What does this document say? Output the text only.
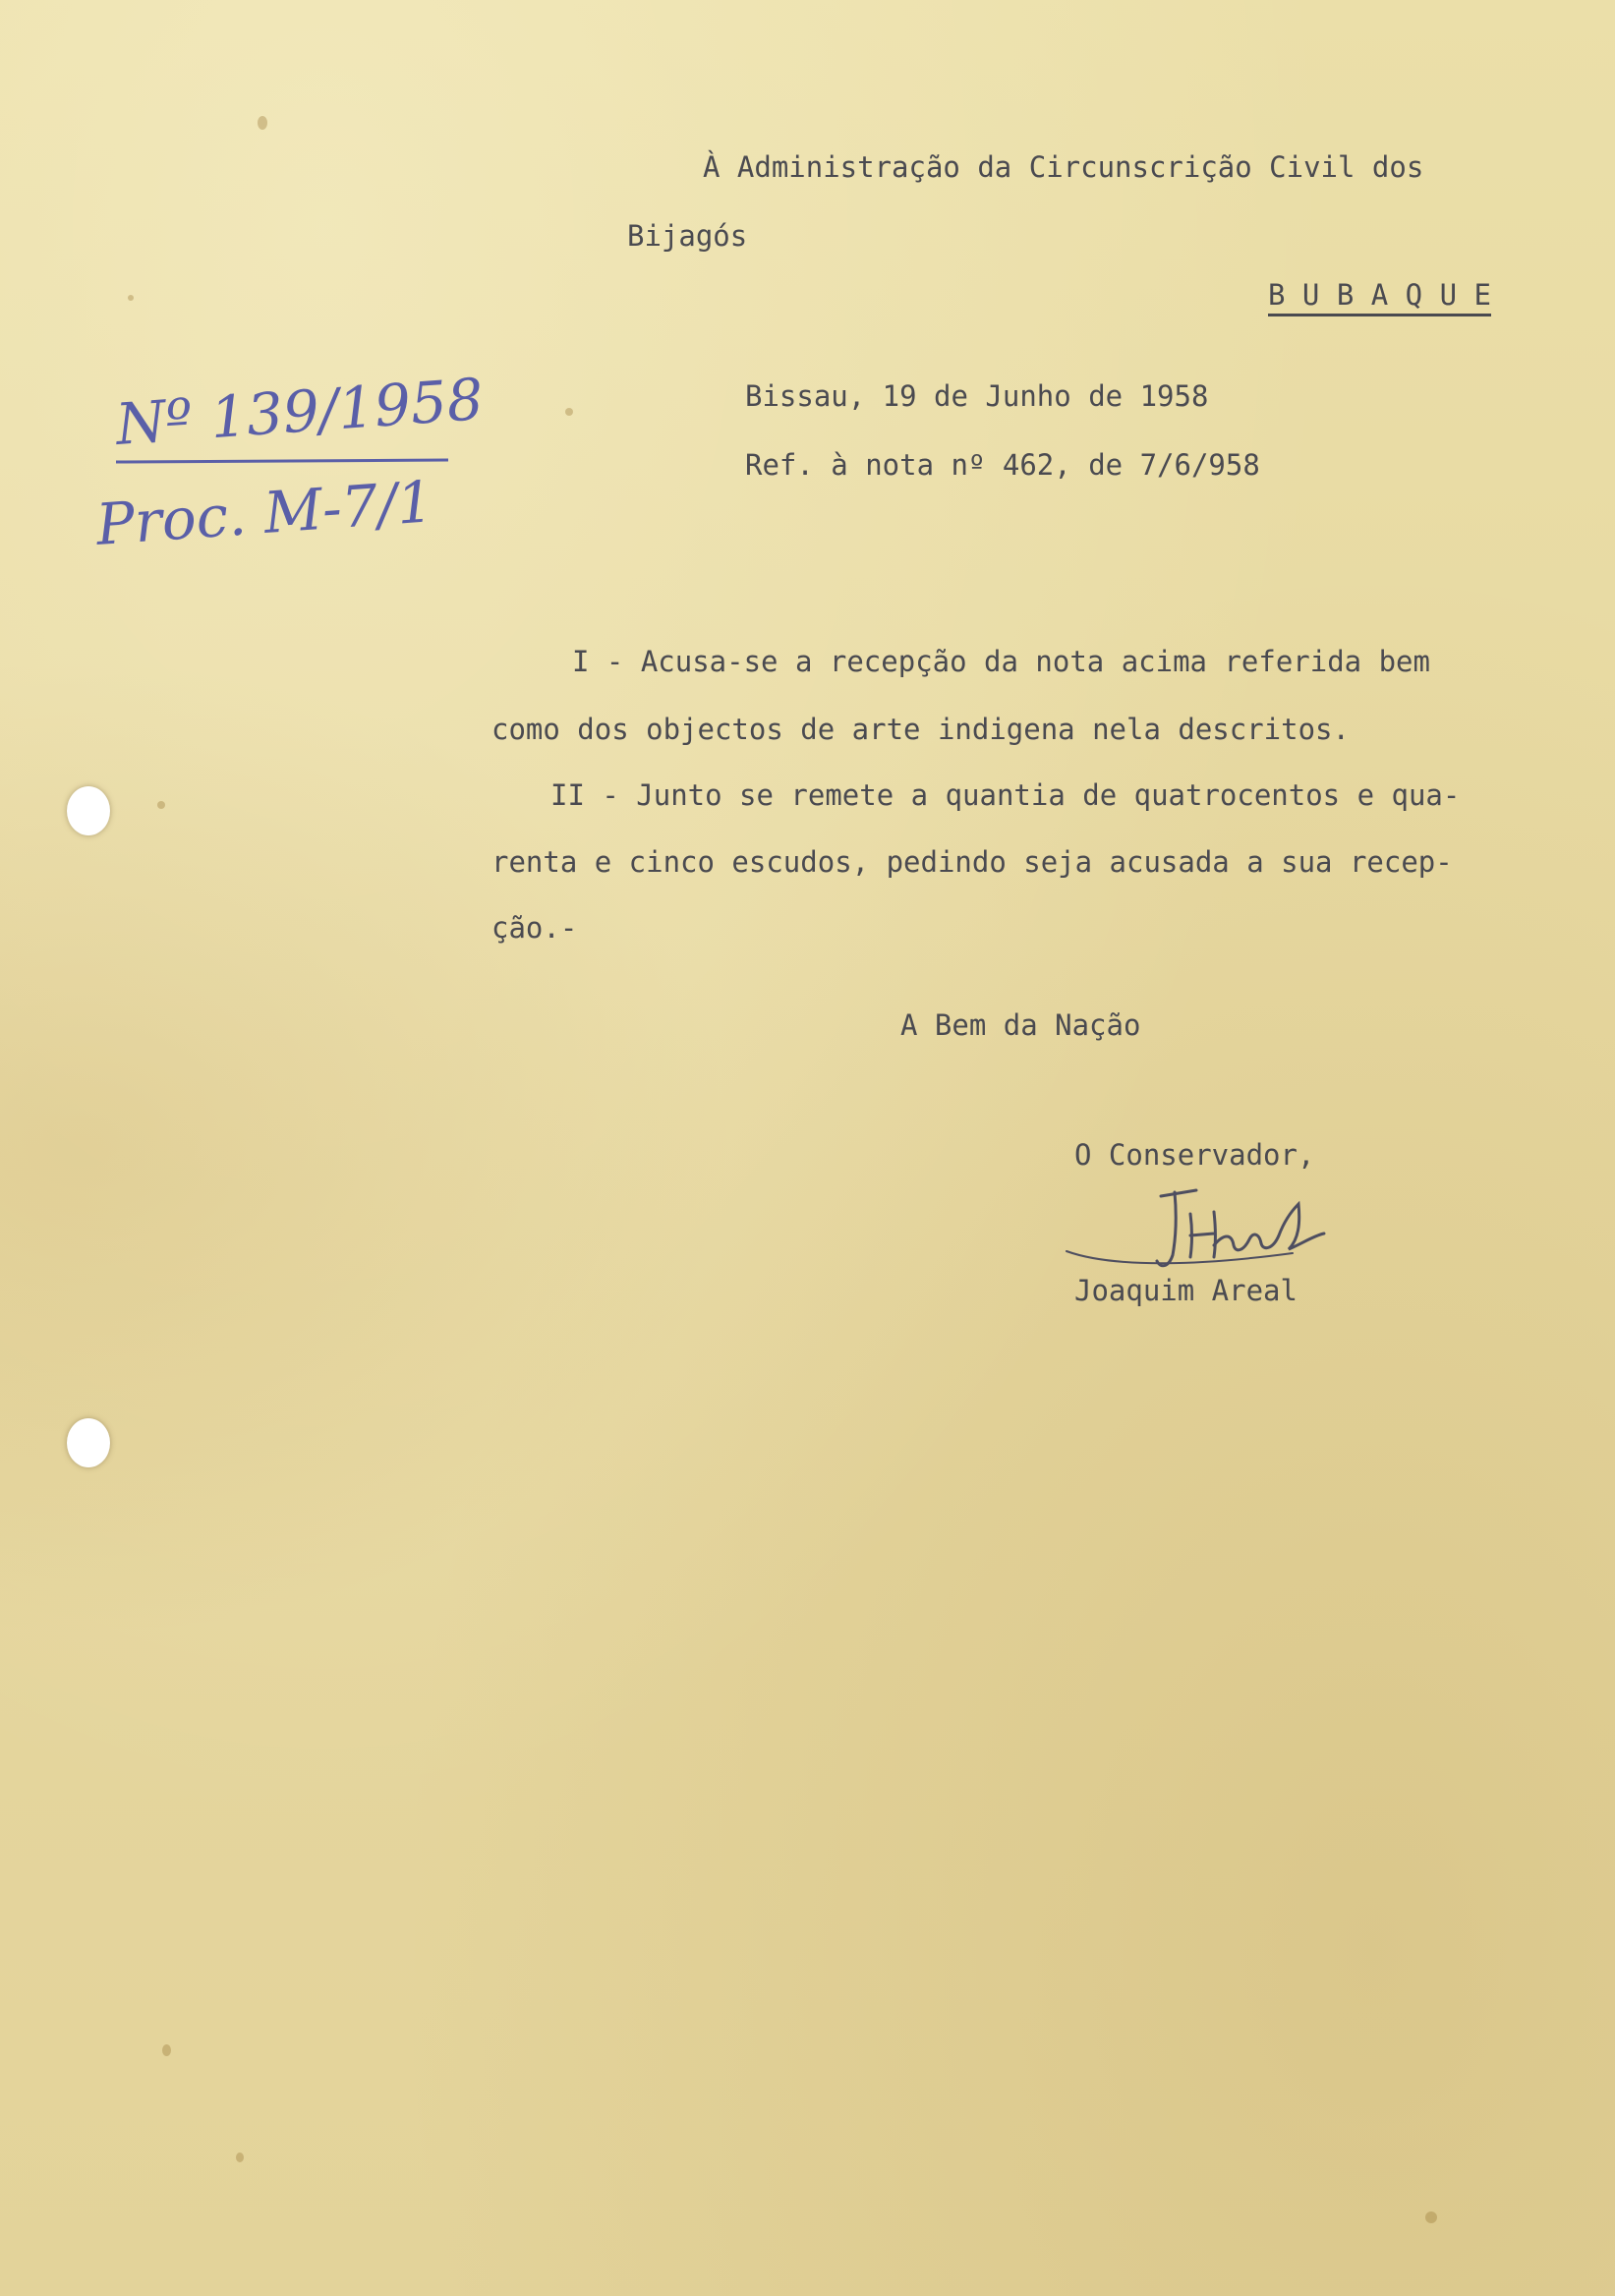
Nº 139/1958
Proc. M-7/1

À Administração da Circunscrição Civil dos

Bijagós

B U B A Q U E

Bissau, 19 de Junho de 1958

Ref. à nota nº 462, de 7/6/958

I - Acusa-se a recepção da nota acima referida bem

como dos objectos de arte indigena nela descritos.

II - Junto se remete a quantia de quatrocentos e qua-

renta e cinco escudos, pedindo seja acusada a sua recep-

ção.-

A Bem da Nação

O Conservador,

Joaquim Areal
